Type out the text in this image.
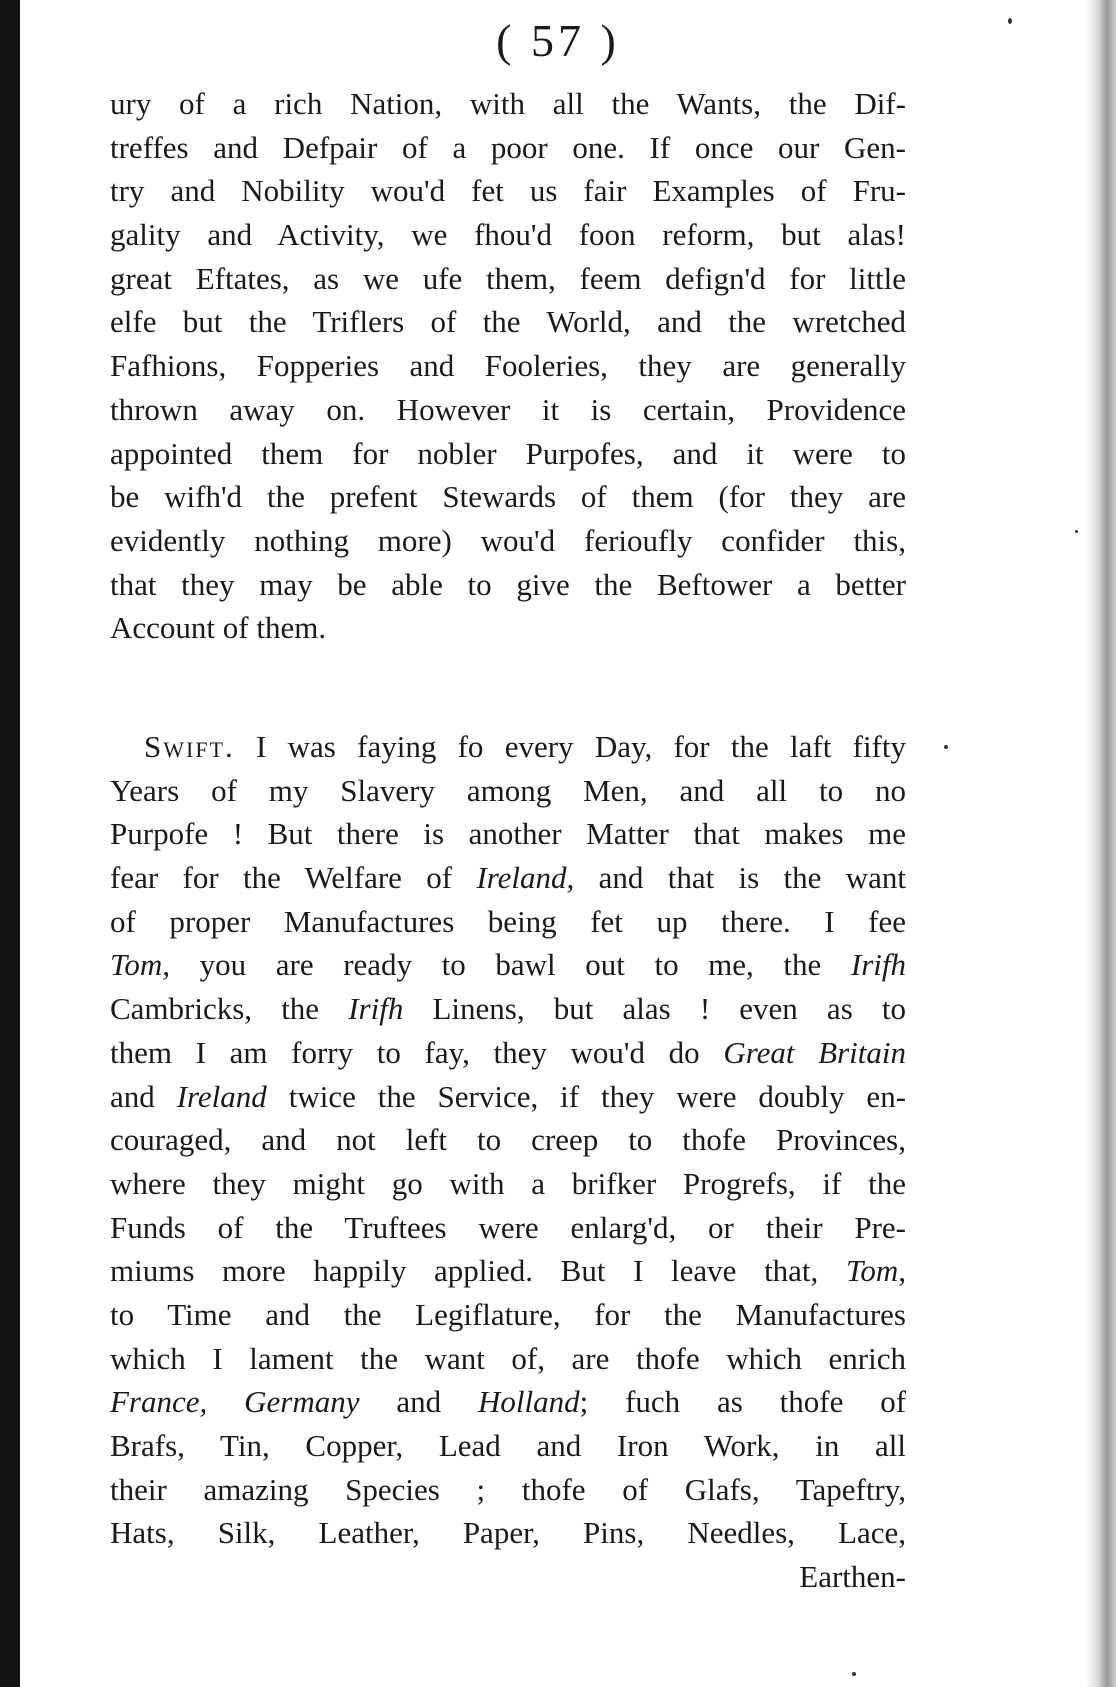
( 57 )
ury of a rich Nation, with all the Wants, the Dif-
treffes and Defpair of a poor one. If once our Gen-
try and Nobility wou'd fet us fair Examples of Fru-
gality and Activity, we fhou'd foon reform, but alas!
great Eftates, as we ufe them, feem defign'd for little
elfe but the Triflers of the World, and the wretched
Fafhions, Fopperies and Fooleries, they are generally
thrown away on. However it is certain, Providence
appointed them for nobler Purpofes, and it were to
be wifh'd the prefent Stewards of them (for they are
evidently nothing more) wou'd ferioufly confider this,
that they may be able to give the Beftower a better
Account of them.
Swift. I was faying fo every Day, for the laft fifty
Years of my Slavery among Men, and all to no
Purpofe ! But there is another Matter that makes me
fear for the Welfare of Ireland, and that is the want
of proper Manufactures being fet up there. I fee
Tom, you are ready to bawl out to me, the Irifh
Cambricks, the Irifh Linens, but alas ! even as to
them I am forry to fay, they wou'd do Great Britain
and Ireland twice the Service, if they were doubly en-
couraged, and not left to creep to thofe Provinces,
where they might go with a brifker Progrefs, if the
Funds of the Truftees were enlarg'd, or their Pre-
miums more happily applied. But I leave that, Tom,
to Time and the Legiflature, for the Manufactures
which I lament the want of, are thofe which enrich
France, Germany and Holland; fuch as thofe of
Brafs, Tin, Copper, Lead and Iron Work, in all
their amazing Species ; thofe of Glafs, Tapeftry,
Hats, Silk, Leather, Paper, Pins, Needles, Lace,
Earthen-
